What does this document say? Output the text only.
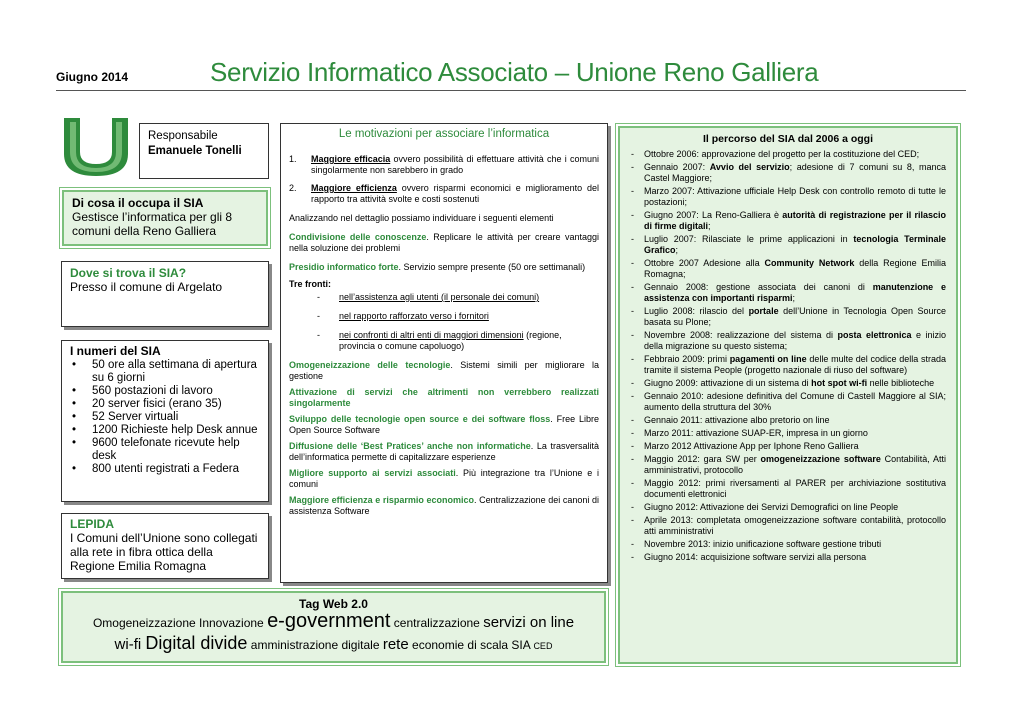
Giugno 2014	Servizio Informatico Associato – Unione Reno Galliera
Responsabile
Emanuele Tonelli
Di cosa il occupa il SIA
Gestisce l’informatica per gli 8 comuni della Reno Galliera
Dove si trova il SIA?
Presso il comune di Argelato
I numeri del SIA
• 50 ore alla settimana di apertura su 6 giorni
• 560 postazioni di lavoro
• 20 server fisici (erano 35)
• 52 Server virtuali
• 1200 Richieste help Desk annue
• 9600 telefonate ricevute help desk
• 800 utenti registrati a Federa
LEPIDA
I Comuni dell’Unione sono collegati alla rete in fibra ottica della Regione Emilia Romagna
Le motivazioni per associare l’informatica
1. Maggiore efficacia ovvero possibilità di effettuare attività che i comuni singolarmente non sarebbero in grado
2. Maggiore efficienza ovvero risparmi economici e miglioramento del rapporto tra attività svolte e costi sostenuti

Analizzando nel dettaglio possiamo individuare i seguenti elementi

Condivisione delle conoscenze. Replicare le attività per creare vantaggi nella soluzione dei problemi

Presidio informatico forte. Servizio sempre presente (50 ore settimanali)

Tre fronti:
- nell’assistenza agli utenti (il personale dei comuni)
- nel rapporto rafforzato verso i fornitori
- nei confronti di altri enti di maggiori dimensioni (regione, provincia o comune capoluogo)

Omogeneizzazione delle tecnologie. Sistemi simili per migliorare la gestione

Attivazione di servizi che altrimenti non verrebbero realizzati singolarmente

Sviluppo delle tecnologie open source e dei software floss. Free Libre Open Source Software

Diffusione delle ‘Best Pratices’ anche non informatiche. La trasversalità dell’informatica permette di capitalizzare esperienze

Migliore supporto ai servizi associati. Più integrazione tra l’Unione e i comuni

Maggiore efficienza e risparmio economico. Centralizzazione dei canoni di assistenza Software

Il percorso del SIA dal 2006 a oggi
- Ottobre 2006: approvazione del progetto per la costituzione del CED;
- Gennaio 2007: Avvio del servizio; adesione di 7 comuni su 8, manca Castel Maggiore;
- Marzo 2007: Attivazione ufficiale Help Desk con controllo remoto di tutte le postazioni;
- Giugno 2007: La Reno-Galliera è autorità di registrazione per il rilascio di firme digitali;
- Luglio 2007: Rilasciate le prime applicazioni in tecnologia Terminale Grafico;
- Ottobre 2007 Adesione alla Community Network della Regione Emilia Romagna;
- Gennaio 2008: gestione associata dei canoni di manutenzione e assistenza con importanti risparmi;
- Luglio 2008: rilascio del portale dell’Unione in Tecnologia Open Source basata su Plone;
- Novembre 2008: realizzazione del sistema di posta elettronica e inizio della migrazione su questo sistema;
- Febbraio 2009: primi pagamenti on line delle multe del codice della strada tramite il sistema People (progetto nazionale di riuso del software)
- Giugno 2009: attivazione di un sistema di hot spot wi-fi nelle biblioteche
- Gennaio 2010: adesione definitiva del Comune di Castell Maggiore al SIA; aumento della struttura del 30%
- Gennaio 2011: attivazione albo pretorio on line
- Marzo 2011: attivazione SUAP-ER, impresa in un giorno
- Marzo 2012 Attivazione App per Iphone Reno Galliera
- Maggio 2012: gara SW per omogeneizzazione software Contabilità, Atti amministrativi, protocollo
- Maggio 2012: primi riversamenti al PARER per archiviazione sostitutiva documenti elettronici
- Giugno 2012: Attivazione dei Servizi Demografici on line People
- Aprile 2013: completata omogeneizzazione software contabilità, protocollo atti amministrativi
- Novembre 2013: inizio unificazione software gestione tributi
- Giugno 2014: acquisizione software servizi alla persona
Tag Web 2.0
Omogeneizzazione Innovazione e-government centralizzazione servizi on line
wi-fi Digital divide amministrazione digitale rete economie di scala SIA CED
